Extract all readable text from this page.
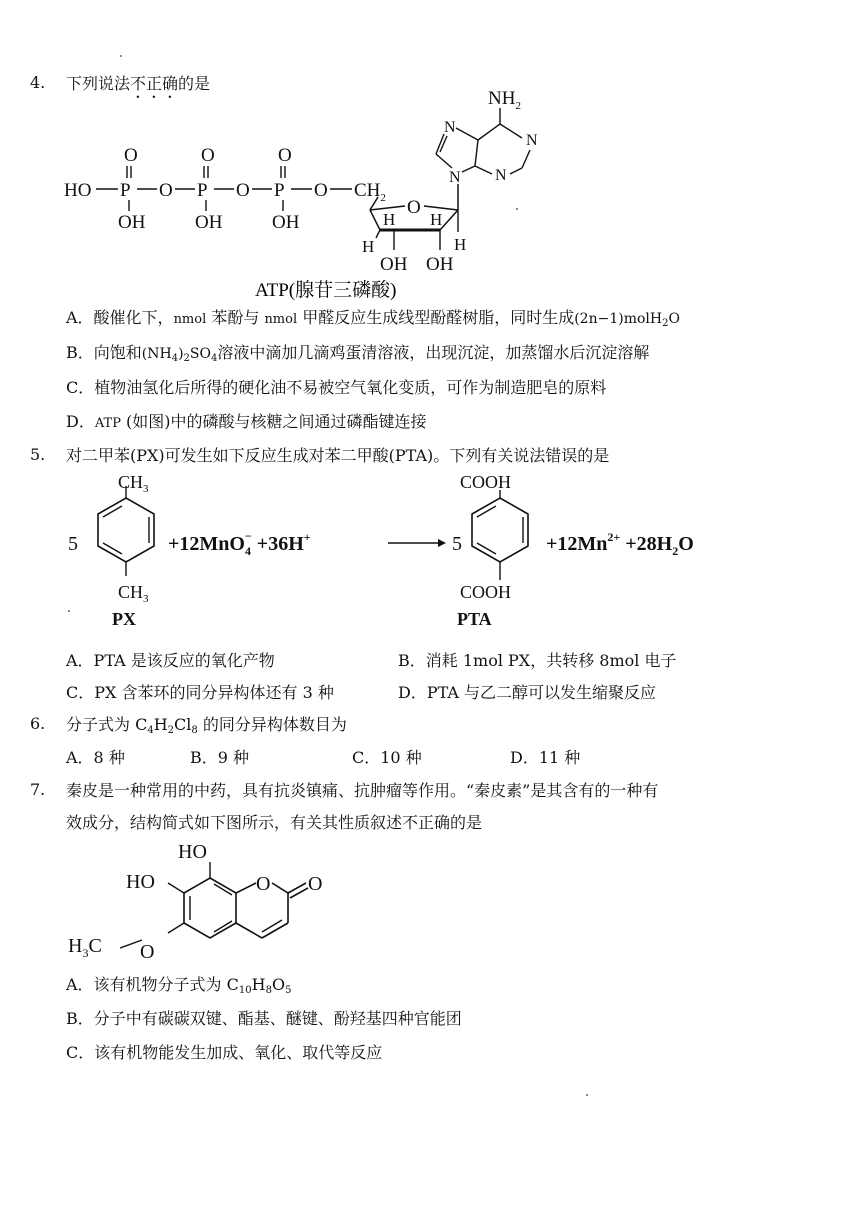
4. 下列说法不正确的是
HO P O P O P O $CH_2$
O	O	O
OH	OH	OH
O
H H
H	H
OH OH
N
N
N
N
$NH_2$
ATP(腺苷三磷酸)
A．酸催化下，nmol 苯酚与 nmol 甲醛反应生成线型酚醛树脂，同时生成(2n−1)molH$_2$O
B．向饱和$(NH_4)_2SO_4$溶液中滴加几滴鸡蛋清溶液，出现沉淀，加蒸馏水后沉淀溶解
C．植物油氢化后所得的硬化油不易被空气氧化变质，可作为制造肥皂的原料
D．ATP (如图)中的磷酸与核糖之间通过磷酯键连接
5. 对二甲苯(PX)可发生如下反应生成对苯二甲酸(PTA)。下列有关说法错误的是
5
$CH_3$
$CH_3$
PX
+12MnO$_4$− +36H+	5
COOH
COOH
PTA
$+12Mn^{2+} +28H_2O$
A．PTA 是该反应的氧化产物	B．消耗 1mol PX，共转移 8mol 电子
C．PX 含苯环的同分异构体还有 3 种	D．PTA 与乙二醇可以发生缩聚反应
6. 分子式为 $C_4H_2Cl_8$ 的同分异构体数目为
A．8 种	B．9 种	C．10 种	D．11 种
7. 秦皮是一种常用的中药，具有抗炎镇痛、抗肿瘤等作用。“秦皮素”是其含有的一种有
效成分，结构简式如下图所示，有关其性质叙述不正确的是
O O
HO
HO
O
$H_3C$
A．该有机物分子式为 $C_{10}H_8O_5$
B．分子中有碳碳双键、酯基、醚键、酚羟基四种官能团
C．该有机物能发生加成、氧化、取代等反应
